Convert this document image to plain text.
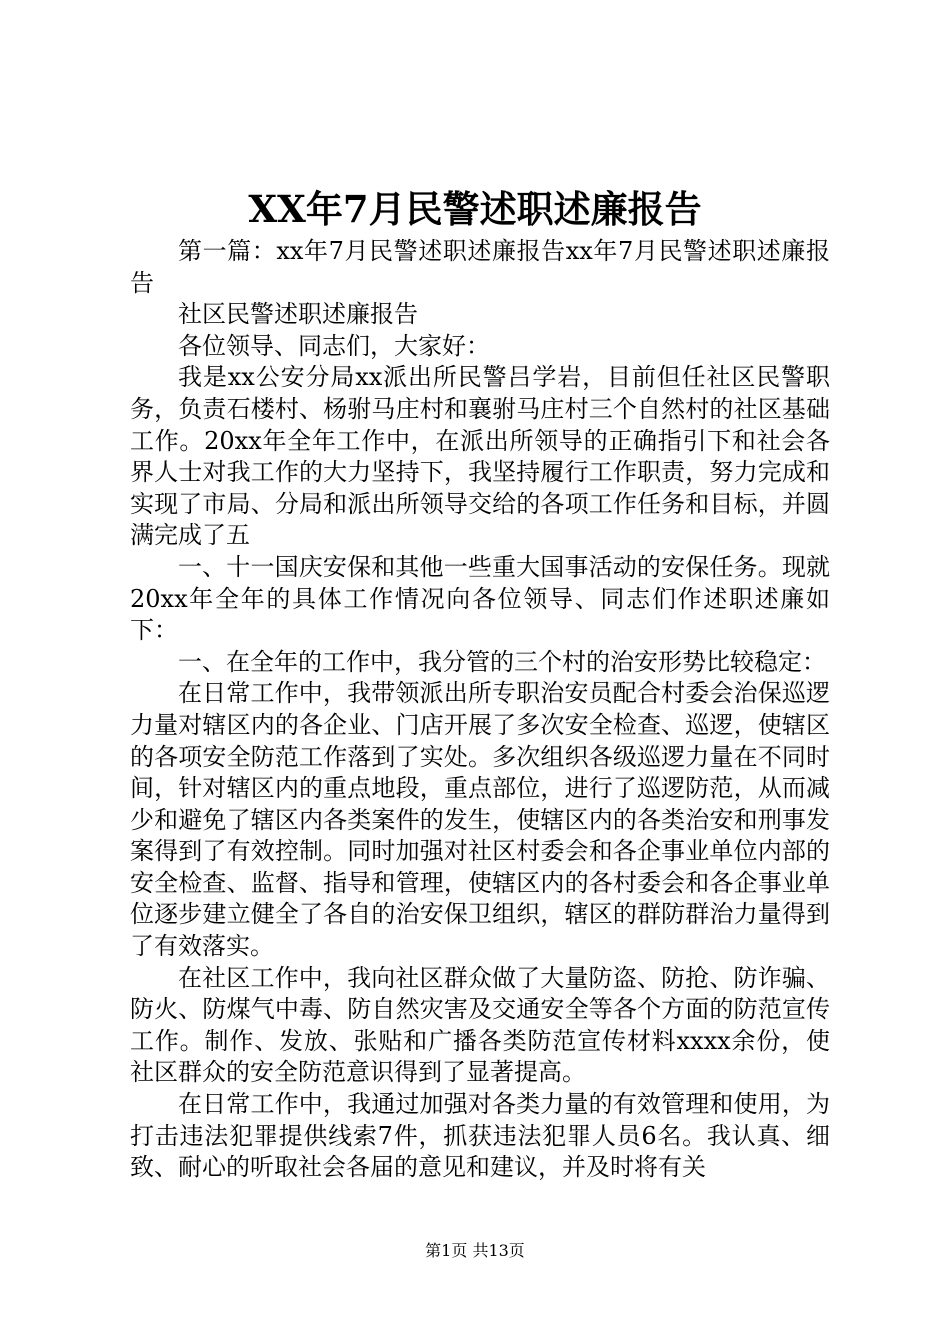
XX年7月民警述职述廉报告

第一篇：xx年7月民警述职述廉报告xx年7月民警述职述廉报告

社区民警述职述廉报告

各位领导、同志们，大家好：

我是xx公安分局xx派出所民警吕学岩，目前但任社区民警职务，负责石楼村、杨驸马庄村和襄驸马庄村三个自然村的社区基础工作。20xx年全年工作中，在派出所领导的正确指引下和社会各界人士对我工作的大力坚持下，我坚持履行工作职责，努力完成和实现了市局、分局和派出所领导交给的各项工作任务和目标，并圆满完成了五

一、十一国庆安保和其他一些重大国事活动的安保任务。现就20xx年全年的具体工作情况向各位领导、同志们作述职述廉如下：

一、在全年的工作中，我分管的三个村的治安形势比较稳定：

在日常工作中，我带领派出所专职治安员配合村委会治保巡逻力量对辖区内的各企业、门店开展了多次安全检查、巡逻，使辖区的各项安全防范工作落到了实处。多次组织各级巡逻力量在不同时间，针对辖区内的重点地段，重点部位，进行了巡逻防范，从而减少和避免了辖区内各类案件的发生，使辖区内的各类治安和刑事发案得到了有效控制。同时加强对社区村委会和各企事业单位内部的安全检查、监督、指导和管理，使辖区内的各村委会和各企事业单位逐步建立健全了各自的治安保卫组织，辖区的群防群治力量得到了有效落实。

在社区工作中，我向社区群众做了大量防盗、防抢、防诈骗、防火、防煤气中毒、防自然灾害及交通安全等各个方面的防范宣传工作。制作、发放、张贴和广播各类防范宣传材料xxxx余份，使社区群众的安全防范意识得到了显著提高。

在日常工作中，我通过加强对各类力量的有效管理和使用，为打击违法犯罪提供线索7件，抓获违法犯罪人员6名。我认真、细致、耐心的听取社会各届的意见和建议，并及时将有关

第1页 共13页
